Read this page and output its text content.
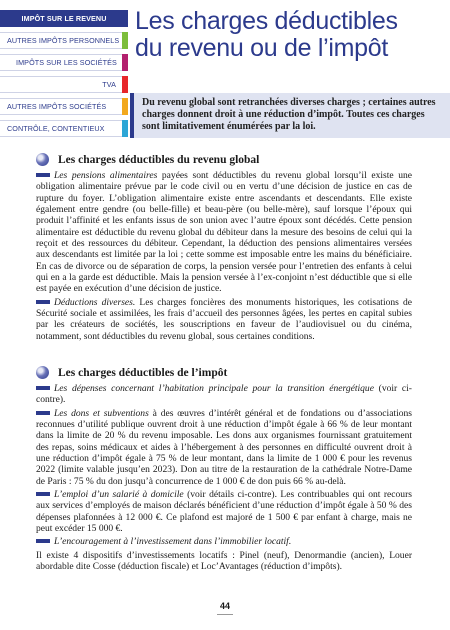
IMPÔT SUR LE REVENU
AUTRES IMPÔTS PERSONNELS
IMPÔTS SUR LES SOCIÉTÉS
TVA
AUTRES IMPÔTS SOCIÉTÉS
CONTRÔLE, CONTENTIEUX
Les charges déductibles
du revenu ou de l’impôt
Du revenu global sont retranchées diverses charges ; certaines autres charges donnent droit à une réduction d’impôt. Toutes ces charges sont limitativement énumérées par la loi.
Les charges déductibles du revenu global

Les pensions alimentaires payées sont déductibles du revenu global lorsqu’il existe une obligation alimentaire prévue par le code civil ou en vertu d’une décision de justice en cas de rupture du foyer. L’obligation alimentaire existe entre ascendants et descendants. Elle existe également entre gendre (ou belle-fille) et beau-père (ou belle-mère), sauf lorsque l’époux qui produit l’affinité et les enfants issus de son union avec l’autre époux sont décédés. Cette pension alimentaire est déductible du revenu global du débiteur dans la mesure des besoins de celui qui la reçoit et des ressources du débiteur. Cependant, la déduction des pensions alimentaires versées aux descendants est limitée par la loi ; cette somme est imposable entre les mains du bénéficiaire. En cas de divorce ou de séparation de corps, la pension versée pour l’entretien des enfants à celui qui en a la garde est déductible. Mais la pension versée à l’ex-conjoint n’est déductible que si elle est payée en exécution d’une décision de justice.

Déductions diverses. Les charges foncières des monuments historiques, les cotisations de Sécurité sociale et assimilées, les frais d’accueil des personnes âgées, les pertes en capital subies par les créateurs de sociétés, les souscriptions en faveur de l’audiovisuel ou du cinéma, notamment, sont déductibles du revenu global, sous certaines conditions.

Les charges déductibles de l’impôt

Les dépenses concernant l’habitation principale pour la transition énergétique (voir ci-contre).

Les dons et subventions à des œuvres d’intérêt général et de fondations ou d’associations reconnues d’utilité publique ouvrent droit à une réduction d’impôt égale à 66 % de leur montant dans la limite de 20 % du revenu imposable. Les dons aux organismes fournissant gratuitement des repas, soins médicaux et aides à l’hébergement à des personnes en difficulté ouvrent droit à une réduction d’impôt égale à 75 % de leur montant, dans la limite de 1 000 € pour les revenus 2022 (limite valable jusqu’en 2023). Don au titre de la restauration de la cathédrale Notre-Dame de Paris : 75 % du don jusqu’à concurrence de 1 000 € de don puis 66 % au-delà.

L’emploi d’un salarié à domicile (voir détails ci-contre). Les contribuables qui ont recours aux services d’employés de maison déclarés bénéficient d’une réduction d’impôt égale à 50 % des dépenses plafonnées à 12 000 €. Ce plafond est majoré de 1 500 € par enfant à charge, mais ne peut excéder 15 000 €.

L’encouragement à l’investissement dans l’immobilier locatif.

Il existe 4 dispositifs d’investissements locatifs : Pinel (neuf), Denormandie (ancien), Louer abordable dite Cosse (déduction fiscale) et Loc’Avantages (réduction d’impôts).

44
